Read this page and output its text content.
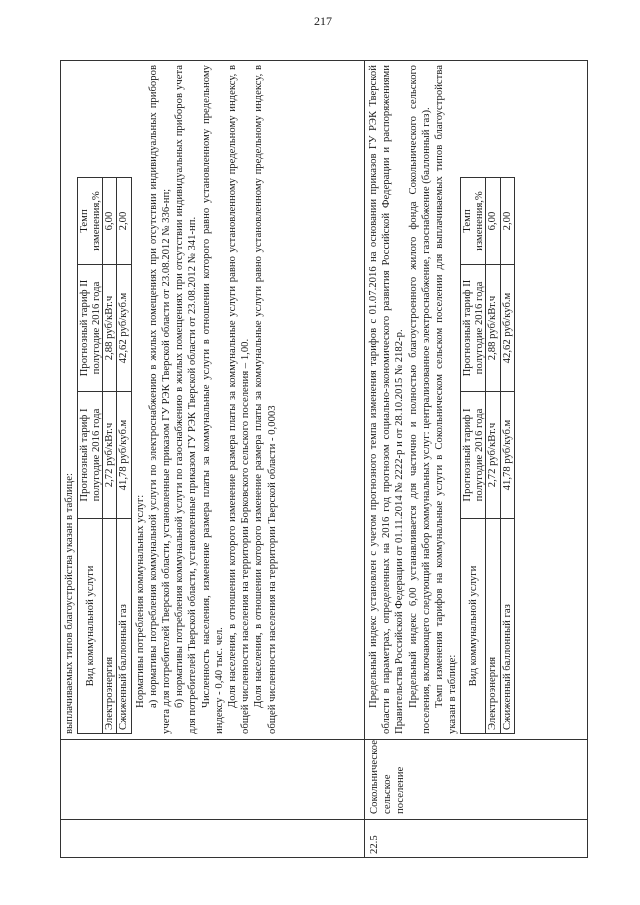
217

выплачиваемых типов благоустройства указан в таблице: Вид коммунальной услуги	Прогнозный тариф I полугодие 2016 года	Прогнозный тариф II полугодие 2016 года	Темп изменения,%
Электроэнергия	2,72 руб/кВт.ч	2,88 руб/кВт.ч	6,00
Сжиженный баллонный газ	41,78 руб/куб.м	42,62 руб/куб.м	2,00

Нормативы потребления коммунальных услуг: а) нормативы потребления коммунальной услуги по электроснабжению в жилых помещениях при отсутствии индивидуальных приборов учета для потребителей Тверской области, установленные приказом ГУ РЭК Тверской области от 23.08.2012 № 336-нп; б) нормативы потребления коммунальной услуги по газоснабжению в жилых помещениях при отсутствии индивидуальных приборов учета для потребителей Тверской области, установленные приказом ГУ РЭК Тверской области от 23.08.2012 № 341-нп. Численность населения, изменение размера платы за коммунальные услуги в отношении которого равно установленному предельному индексу - 0,40 тыс. чел. Доля населения, в отношении которого изменение размера платы за коммунальные услуги равно установленному предельному индексу, в общей численности населения на территории Борковского сельского поселения – 1,00. Доля населения, в отношении которого изменение размера платы за коммунальные услуги равно установленному предельному индексу, в общей численности населения на территории Тверской области - 0,0003

22.5
Сокольническое сельское поселение

Предельный индекс установлен с учетом прогнозного темпа изменения тарифов с 01.07.2016 на основании приказов ГУ РЭК Тверской области в параметрах, определенных на 2016 год прогнозом социально-экономического развития Российской Федерации и распоряжениями Правительства Российской Федерации от 01.11.2014 № 2222-р и от 28.10.2015 № 2182-р. Предельный индекс 6,00 устанавливается для частично и полностью благоустроенного жилого фонда Сокольнического сельского поселения, включающего следующий набор коммунальных услуг: централизованное электроснабжение, газоснабжение (баллонный газ). Темп изменения тарифов на коммунальные услуги в Сокольническом сельском поселении для выплачиваемых типов благоустройства указан в таблице:

Вид коммунальной услуги	Прогнозный тариф I полугодие 2016 года	Прогнозный тариф II полугодие 2016 года	Темп изменения,%
Электроэнергия	2,72 руб/кВт.ч	2,88 руб/кВт.ч	6,00
Сжиженный баллонный газ	41,78 руб/куб.м	42,62 руб/куб.м	2,00
